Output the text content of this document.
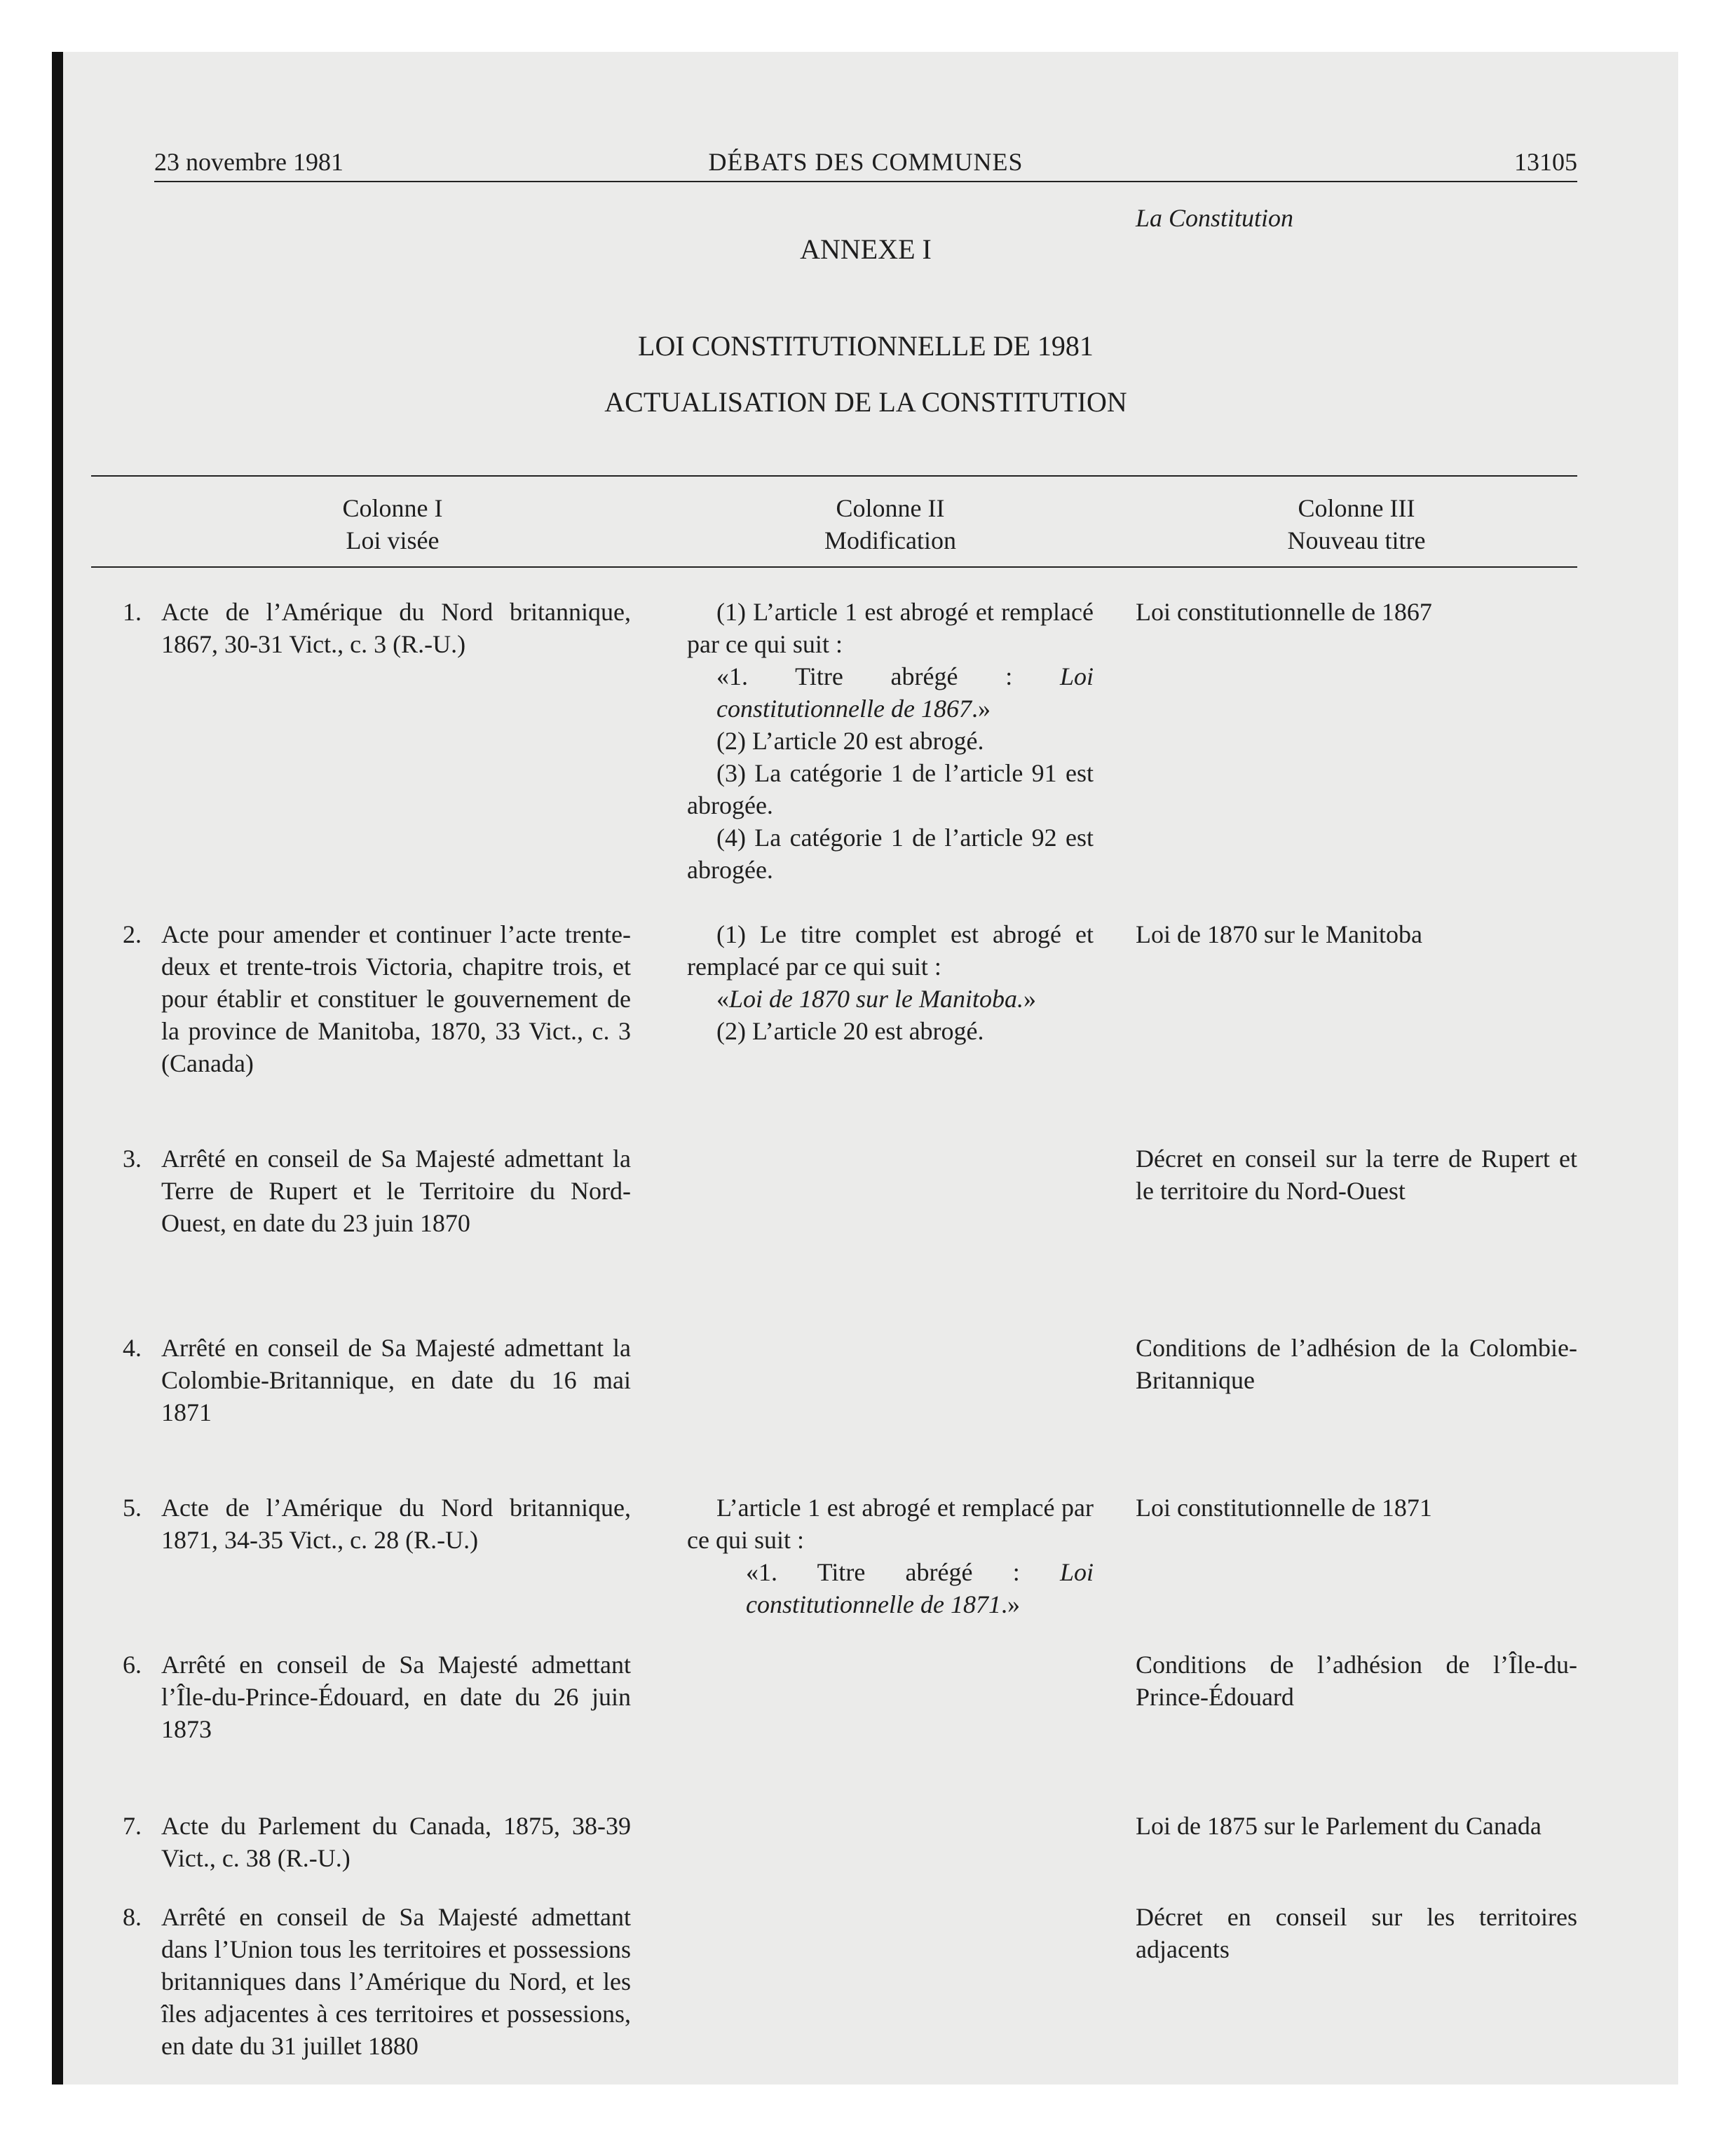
23 novembre 1981	DÉBATS DES COMMUNES	13105
La Constitution
ANNEXE I
LOI CONSTITUTIONNELLE DE 1981
ACTUALISATION DE LA CONSTITUTION
Colonne I
Loi visée
Colonne II
Modification
Colonne III
Nouveau titre
1. Acte de l’Amérique du Nord britannique, 1867, 30-31 Vict., c. 3 (R.-U.)

(1) L’article 1 est abrogé et remplacé par ce qui suit :

«1. Titre abrégé : Loi constitutionnelle de 1867.»

(2) L’article 20 est abrogé.

(3) La catégorie 1 de l’article 91 est abrogée.

(4) La catégorie 1 de l’article 92 est abrogée.

Loi constitutionnelle de 1867
2. Acte pour amender et continuer l’acte trente-deux et trente-trois Victoria, chapitre trois, et pour établir et constituer le gouvernement de la province de Manitoba, 1870, 33 Vict., c. 3 (Canada)

(1) Le titre complet est abrogé et remplacé par ce qui suit :

«Loi de 1870 sur le Manitoba.»

(2) L’article 20 est abrogé.

Loi de 1870 sur le Manitoba
3. Arrêté en conseil de Sa Majesté admettant la Terre de Rupert et le Territoire du Nord-Ouest, en date du 23 juin 1870
Décret en conseil sur la terre de Rupert et le territoire du Nord-Ouest
4. Arrêté en conseil de Sa Majesté admettant la Colombie-Britannique, en date du 16 mai 1871
Conditions de l’adhésion de la Colombie-Britannique
5. Acte de l’Amérique du Nord britannique, 1871, 34-35 Vict., c. 28 (R.-U.)

L’article 1 est abrogé et remplacé par ce qui suit :

«1. Titre abrégé : Loi constitutionnelle de 1871.»

Loi constitutionnelle de 1871
6. Arrêté en conseil de Sa Majesté admettant l’Île-du-Prince-Édouard, en date du 26 juin 1873
Conditions de l’adhésion de l’Île-du-Prince-Édouard
7. Acte du Parlement du Canada, 1875, 38-39 Vict., c. 38 (R.-U.)
Loi de 1875 sur le Parlement du Canada
8. Arrêté en conseil de Sa Majesté admettant dans l’Union tous les territoires et possessions britanniques dans l’Amérique du Nord, et les îles adjacentes à ces territoires et possessions, en date du 31 juillet 1880
Décret en conseil sur les territoires adjacents
